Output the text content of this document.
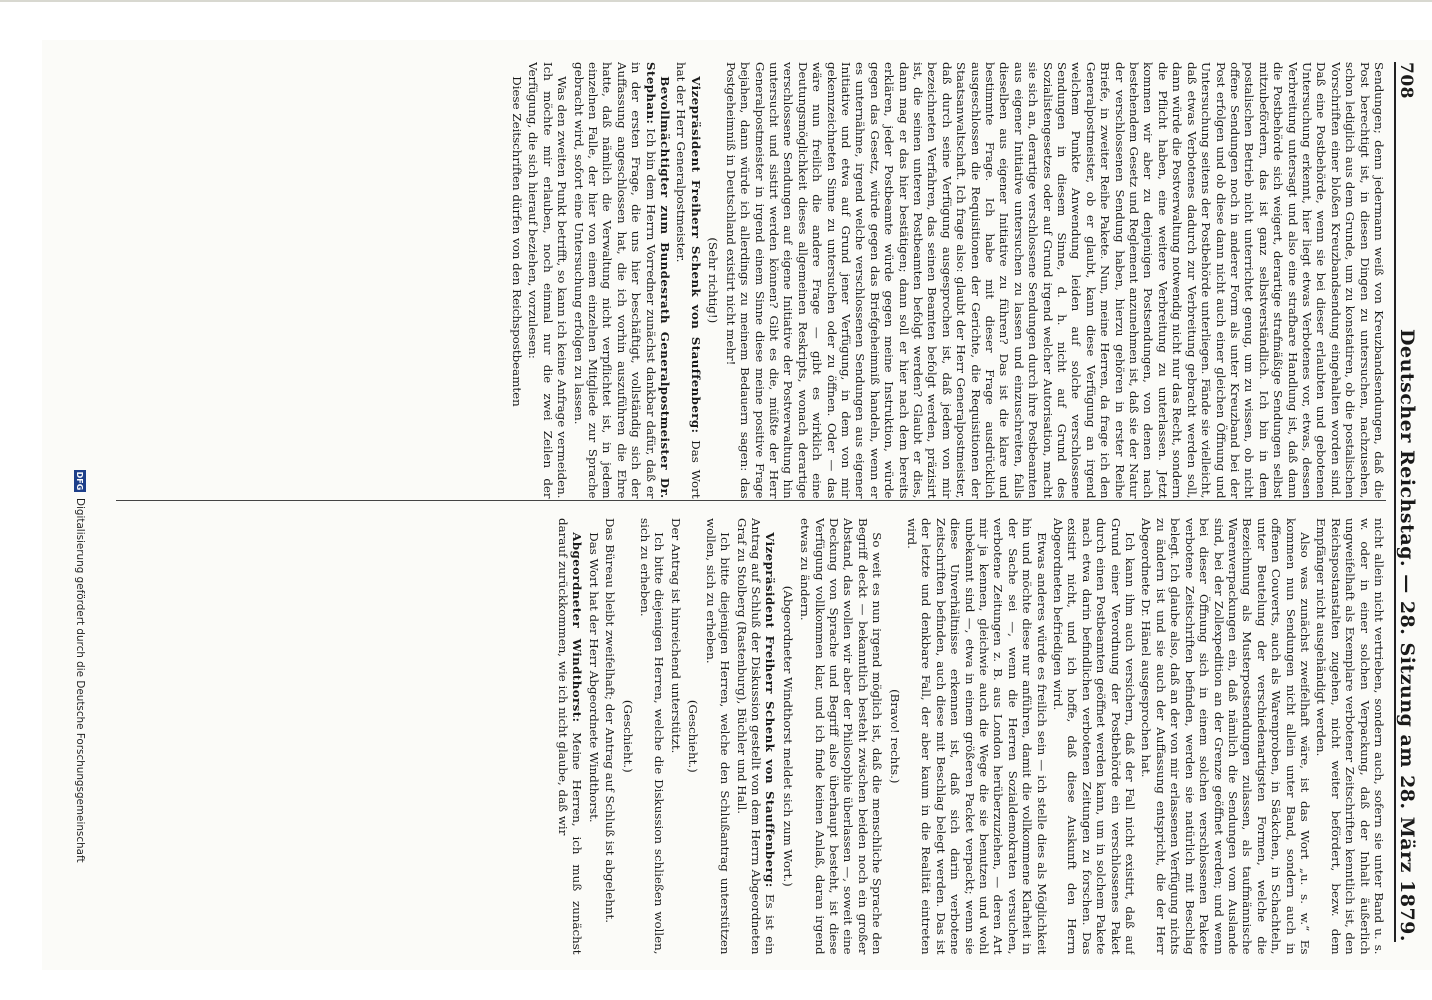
708
Deutscher Reichstag. — 28. Sitzung am 28. März 1879.

Sendungen; denn jedermann weiß von Kreuzbandsendungen, daß die Post berechtigt ist, in diesen Dingen zu untersuchen, nachzusehen, schon lediglich aus dem Grunde, um zu konstatiren, ob die postalischen Vorschriften einer bloßen Kreuzbandsendung eingehalten worden sind. Daß eine Postbehörde, wenn sie bei dieser erlaubten und gebotenen Untersuchung erkennt, hier liegt etwas Verbotenes vor, etwas, dessen Verbreitung untersagt und also eine strafbare Handlung ist, daß dann die Postbehörde sich weigert, derartige strafmäßige Sendungen selbst mitzubefördern, das ist ganz selbstverständlich. Ich bin in dem postalischen Betrieb nicht unterrichtet genug, um zu wissen, ob nicht offene Sendungen noch in anderer Form als unter Kreuzband bei der Post erfolgen und ob diese dann nicht auch einer gleichen Öffnung und Untersuchung seitens der Postbehörde unterliegen. Fände sie vielleicht, daß etwas Verbotenes dadurch zur Verbreitung gebracht werden soll, dann würde die Postverwaltung notwendig nicht nur das Recht, sondern die Pflicht haben, eine weitere Verbreitung zu unterlassen. Jetzt kommen wir aber zu denjenigen Postsendungen, von denen nach bestehendem Gesetz und Reglement anzunehmen ist, daß sie der Natur der verschlossenen Sendung haben, hierzu gehören in erster Reihe Briefe, in zweiter Reihe Pakete. Nun, meine Herren, da frage ich den Generalpostmeister, ob er glaubt, kann diese Verfügung an irgend welchem Punkte Anwendung leiden auf solche verschlossene Sendungen in diesem Sinne, d. h. nicht auf Grund des Sozialistengesetzes oder auf Grund irgend welcher Autorisation, macht sie sich an, derartige verschlossene Sendungen durch ihre Postbeamten aus eigener Initiative untersuchen zu lassen und einzuschreiten, falls dieselben aus eigener Initiative zu führen? Das ist die klare und bestimmte Frage. Ich habe mit dieser Frage ausdrücklich ausgeschlossen die Requisitionen der Gerichte, die Requisitionen der Staatsanwaltschaft. Ich frage also: glaubt der Herr Generalpostmeister, daß durch seine Verfügung ausgesprochen ist, daß jedem von mir bezeichneten Verfahren, das seinen Beamten befolgt werden, präzisirt ist, die seinen unteren Postbeamten befolgt werden? Glaubt er dies, dann mag er das hier bestätigen; dann soll er hier nach dem bereits erklären, jeder Postbeamte würde gegen meine Instruktion, würde gegen das Gesetz, würde gegen das Briefgeheimniß handeln, wenn er es unternähme, irgend welche verschlossenen Sendungen aus eigener Initiative und etwa auf Grund jener Verfügung, in dem von mir gekennzeichneten Sinne zu untersuchen oder zu öffnen. Oder — das wäre nun freilich die andere Frage — gibt es wirklich eine Deutungsmöglichkeit dieses allgemeinen Reskripts, wonach derartige verschlossene Sendungen auf eigene Initiative der Postverwaltung hin untersucht und sistirt werden können? Gibt es die, müßte der Herr Generalpostmeister in irgend einem Sinne diese meine positive Frage bejahen, dann würde ich allerdings zu meinem Bedauern sagen: das Postgeheimniß in Deutschland existirt nicht mehr!

(Sehr richtig!)

Vizepräsident Freiherr Schenk von Stauffenberg: Das Wort hat der Herr Generalpostmeister.

Bevollmächtigter zum Bundesrath Generalpostmeister Dr. Stephan: Ich bin dem Herrn Vorredner zunächst dankbar dafür, daß er in der ersten Frage, die uns hier beschäftigt, vollständig sich der Auffassung angeschlossen hat, die ich vorhin auszuführen die Ehre hatte, daß nämlich die Verwaltung nicht verpflichtet ist, in jedem einzelnen Falle, der hier von einem einzelnen Mitgliede zur Sprache gebracht wird, sofort eine Untersuchung erfolgen zu lassen.

Was den zweiten Punkt betrifft, so kann ich keine Anfrage vermeiden. Ich möchte mir erlauben, noch einmal nur die zwei Zeilen der Verfügung, die sich hierauf beziehen, vorzulesen:

Diese Zeitschriften dürfen von den Reichspostbeamten

nicht allein nicht vertrieben, sondern auch, sofern sie unter Band u. s. w. oder in einer solchen Verpackung, daß der Inhalt äußerlich ungweifelhaft als Exemplare verbotener Zeitschriften kenntlich ist, den Reichspostanstalten zugehen, nicht weiter befördert, bezw. dem Empfänger nicht ausgehändigt werden.

Also was zunächst zweifelhaft wäre, ist das Wort „u. s. w.“ Es kommen nun Sendungen nicht allein unter Band, sondern auch in offenen Couverts, auch als Warenproben, in Säckchen, in Schachteln, unter Beutelung der verschiedenartigsten Formen, welche die Bezeichnung als Musterpostsendungen zulassen, als taufmännische Warenverpackungen ein, daß nämlich die Sendungen vom Auslande sind, bei der Zollexpedition an der Grenze geöffnet werden; und wenn bei dieser Öffnung sich in einem solchen verschlossenen Pakete verbotene Zeitschriften befinden, werden sie natürlich mit Beschlag belegt. Ich glaube also, daß an der von mir erlassenen Verfügung nichts zu ändern ist und sie auch der Auffassung entspricht, die der Herr Abgeordnete Dr. Hänel ausgesprochen hat.

Ich kann ihm auch versichern, daß der Fall nicht existirt, daß auf Grund einer Verordnung der Postbehörde ein verschlossenes Paket durch einen Postbeamten geöffnet werden kann, um in solchem Pakete nach etwa darin befindlichen verbotenen Zeitungen zu forschen. Das existirt nicht, und ich hoffe, daß diese Auskunft den Herrn Abgeordneten befriedigen wird.

Etwas anderes würde es freilich sein — ich stelle dies als Möglichkeit hin und möchte diese nur anführen, damit die vollkommene Klarheit in der Sache sei —, wenn die Herren Sozialdemokraten versuchen, verbotene Zeitungen z. B. aus London herüberzuziehen, — deren Art mir ja kennen, gleichwie auch die Wege die sie benutzen und wohl unbekannt sind —, etwa in einem größeren Packet verpackt; wenn sie diese Unverhältnisse erkennen ist, daß sich darin verbotene Zeitschriften befinden, auch diese mit Beschlag belegt werden. Das ist der letzte und denkbare Fall, der aber kaum in die Realität eintreten wird.

(Bravo! rechts.)

So weit es nun irgend möglich ist, daß die menschliche Sprache den Begriff deckt — bekanntlich besteht zwischen beiden noch ein großer Abstand, das wollen wir aber der Philosophie überlassen —, soweit eine Deckung von Sprache und Begriff also überhaupt besteht, ist diese Verfügung vollkommen klar, und ich finde keinen Anlaß, daran irgend etwas zu ändern.

(Abgeordneter Windthorst meldet sich zum Wort.)

Vizepräsident Freiherr Schenk von Stauffenberg: Es ist ein Antrag auf Schluß der Diskussion gestellt von dem Herrn Abgeordneten Graf zu Stolberg (Rastenburg), Büchler und Hall.

Ich bitte diejenigen Herren, welche den Schlußantrag unterstützen wollen, sich zu erheben.

(Geschieht.)

Der Antrag ist hinreichend unterstützt.

Ich bitte diejenigen Herren, welche die Diskussion schließen wollen, sich zu erheben.

(Geschieht.)

Das Büreau bleibt zweifelhaft; der Antrag auf Schluß ist abgelehnt.

Das Wort hat der Herr Abgeordnete Windthorst.

Abgeordneter Windthorst: Meine Herren, ich muß zunächst darauf zurückkommen, wie ich nicht glaube, daß wir

DFG
Digitalisierung gefördert durch die Deutsche Forschungsgemeinschaft
